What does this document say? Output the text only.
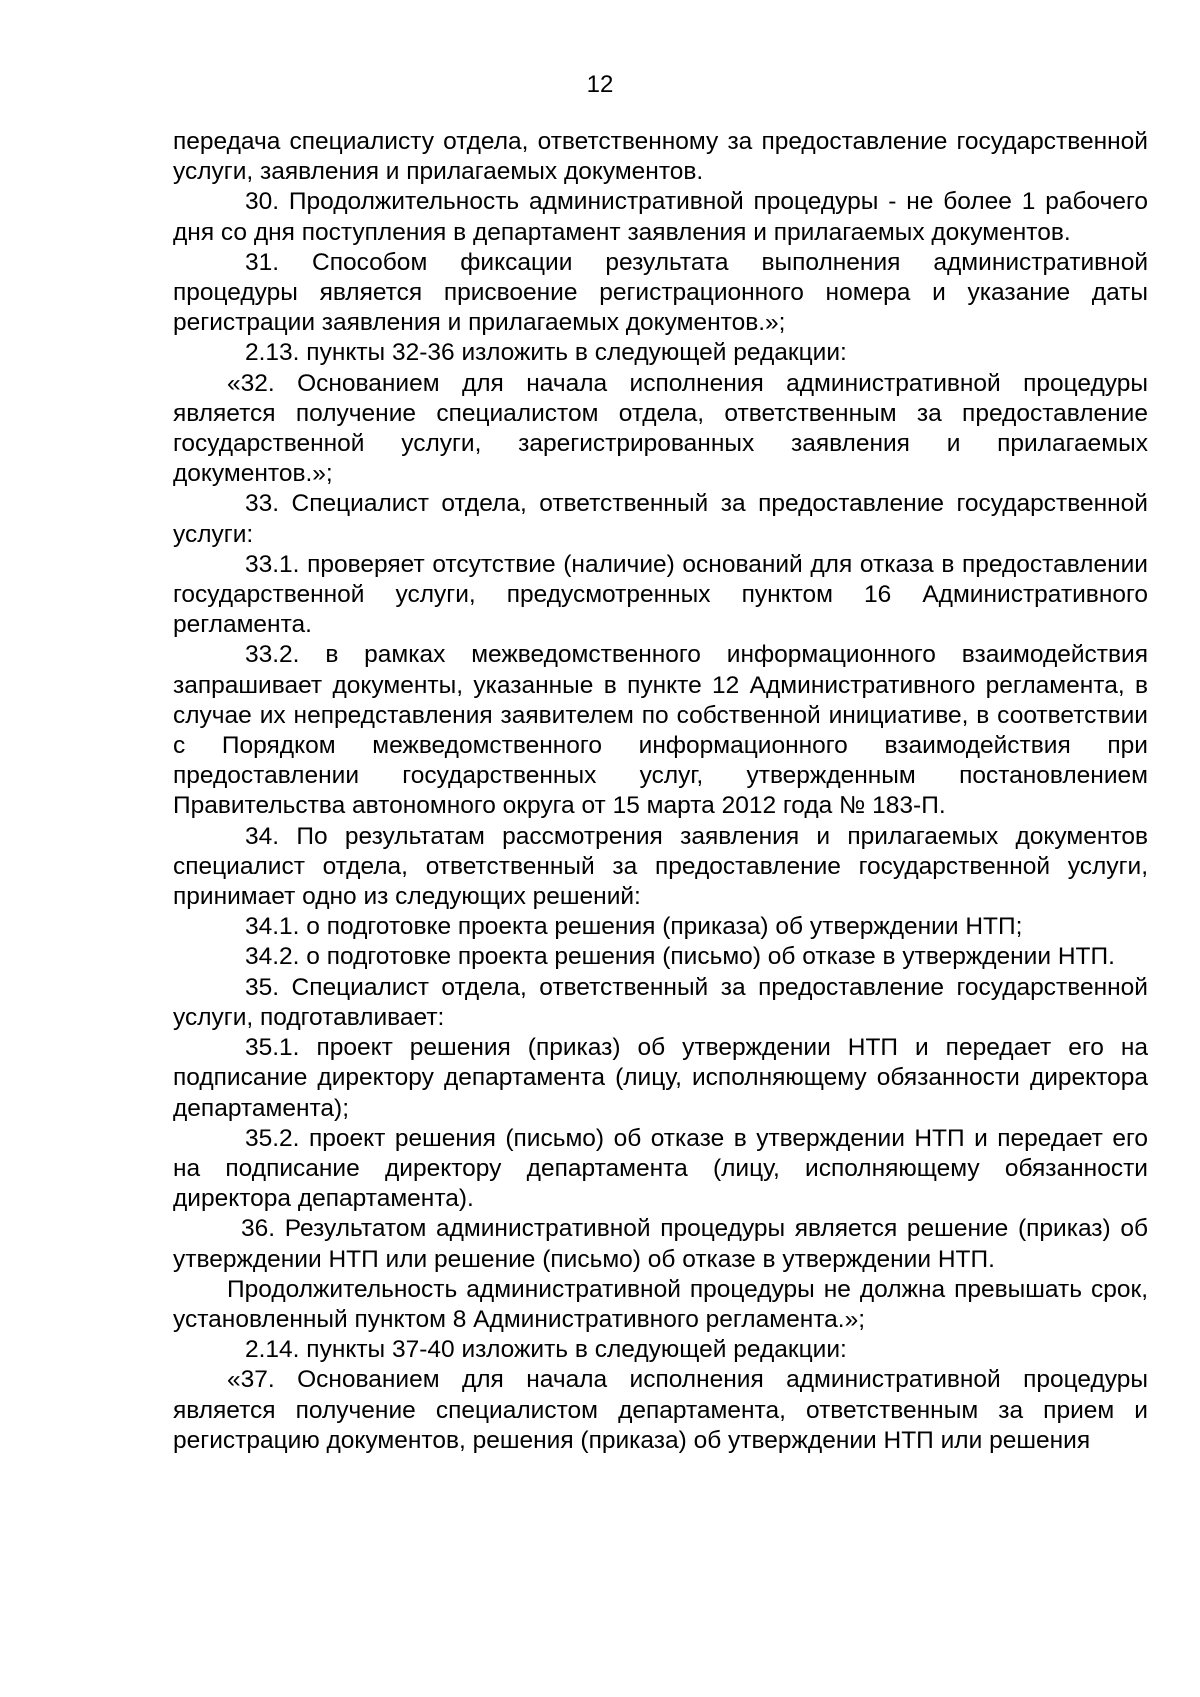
12

передача специалисту отдела, ответственному за предоставление государственной услуги, заявления и прилагаемых документов.

30. Продолжительность административной процедуры - не более 1 рабочего дня со дня поступления в департамент заявления и прилагаемых документов.

31. Способом фиксации результата выполнения административной процедуры является присвоение регистрационного номера и указание даты регистрации заявления и прилагаемых документов.»;

2.13. пункты 32-36 изложить в следующей редакции:

«32. Основанием для начала исполнения административной процедуры является получение специалистом отдела, ответственным за предоставление государственной услуги, зарегистрированных заявления и прилагаемых документов.»;

33. Специалист отдела, ответственный за предоставление государственной услуги:

33.1. проверяет отсутствие (наличие) оснований для отказа в предоставлении государственной услуги, предусмотренных пунктом 16 Административного регламента.

33.2. в рамках межведомственного информационного взаимодействия запрашивает документы, указанные в пункте 12 Административного регламента, в случае их непредставления заявителем по собственной инициативе, в соответствии с Порядком межведомственного информационного взаимодействия при предоставлении государственных услуг, утвержденным постановлением Правительства автономного округа от 15 марта 2012 года № 183-П.

34. По результатам рассмотрения заявления и прилагаемых документов специалист отдела, ответственный за предоставление государственной услуги, принимает одно из следующих решений:

34.1. о подготовке проекта решения (приказа) об утверждении НТП;

34.2. о подготовке проекта решения (письмо) об отказе в утверждении НТП.

35. Специалист отдела, ответственный за предоставление государственной услуги, подготавливает:

35.1. проект решения (приказ) об утверждении НТП и передает его на подписание директору департамента (лицу, исполняющему обязанности директора департамента);

35.2. проект решения (письмо) об отказе в утверждении НТП и передает его на подписание директору департамента (лицу, исполняющему обязанности директора департамента).

36. Результатом административной процедуры является решение (приказ) об утверждении НТП или решение (письмо) об отказе в утверждении НТП.

Продолжительность административной процедуры не должна превышать срок, установленный пунктом 8 Административного регламента.»;

2.14. пункты 37-40 изложить в следующей редакции:

«37. Основанием для начала исполнения административной процедуры является получение специалистом департамента, ответственным за прием и регистрацию документов, решения (приказа) об утверждении НТП или решения
